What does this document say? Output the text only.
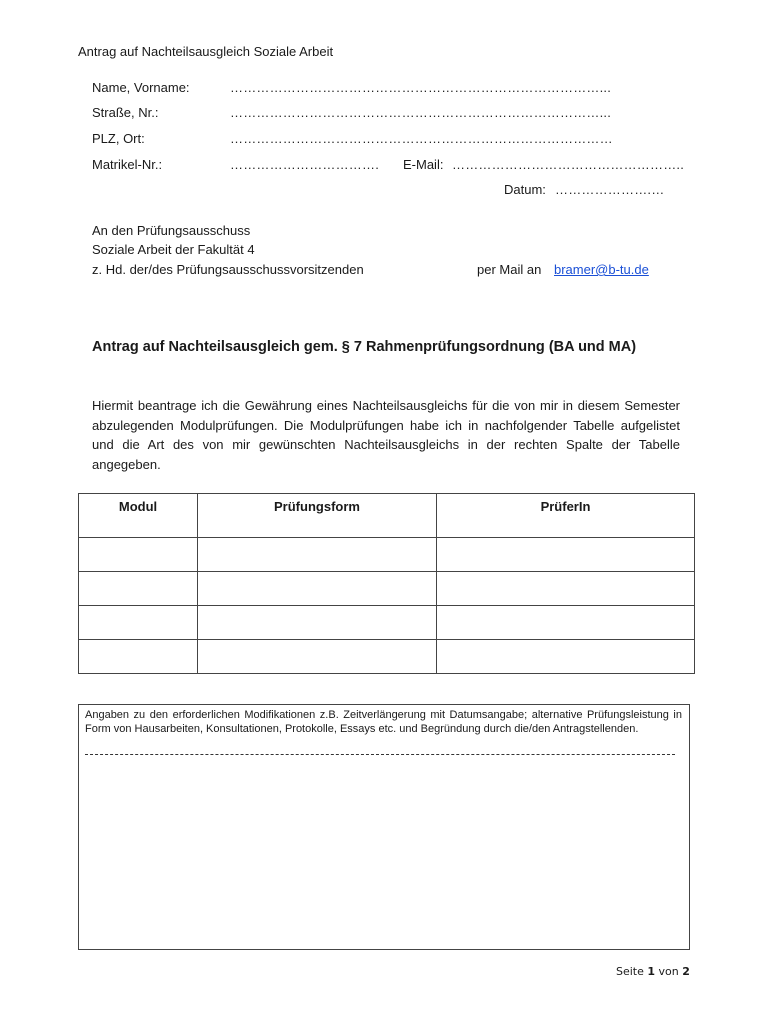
Antrag auf Nachteilsausgleich Soziale Arbeit
Name, Vorname:	…………………………………………………………………………...
Straße, Nr.:	…………………………………………………………………………...
PLZ, Ort:	……………………………………………………………………………
Matrikel-Nr.:	……………………………. E-Mail: ……………………………………………..
Datum: ………………….…
An den Prüfungsausschuss
Soziale Arbeit der Fakultät 4
z. Hd. der/des Prüfungsausschussvorsitzenden	per Mail an bramer@b-tu.de
Antrag auf Nachteilsausgleich gem. § 7 Rahmenprüfungsordnung (BA und MA)
Hiermit beantrage ich die Gewährung eines Nachteilsausgleichs für die von mir in diesem Semester abzulegenden Modulprüfungen. Die Modulprüfungen habe ich in nachfolgender Tabelle aufgelistet und die Art des von mir gewünschten Nachteilsausgleichs in der rechten Spalte der Tabelle angegeben.
Modul	Prüfungsform	PrüferIn

Angaben zu den erforderlichen Modifikationen z.B. Zeitverlängerung mit Datumsangabe; alternative Prüfungsleistung in Form von Hausarbeiten, Konsultationen, Protokolle, Essays etc. und Begründung durch die/den Antragstellenden.
Seite 1 von 2
